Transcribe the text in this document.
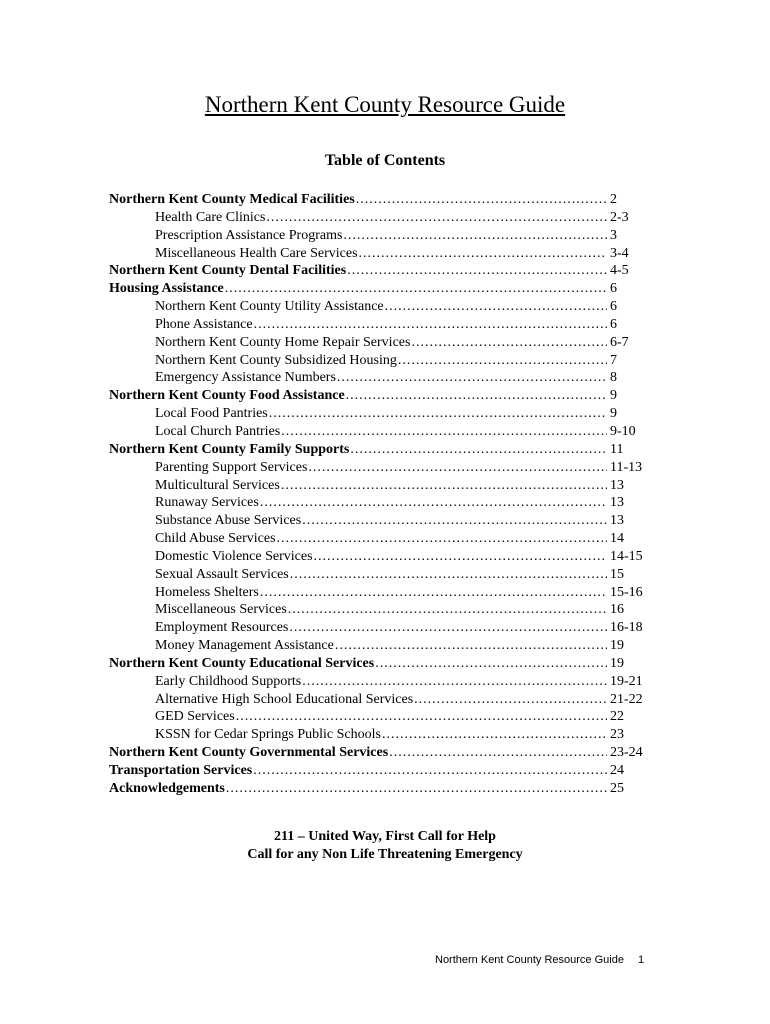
Northern Kent County Resource Guide
Table of Contents
Northern Kent County Medical Facilities .....	2
Health Care Clinics .....	2-3
Prescription Assistance Programs .....	3
Miscellaneous Health Care Services .....	3-4
Northern Kent County Dental Facilities .....	4-5
Housing Assistance .....	6
Northern Kent County Utility Assistance .....	6
Phone Assistance .....	6
Northern Kent County Home Repair Services .....	6-7
Northern Kent County Subsidized Housing .....	7
Emergency Assistance Numbers .....	8
Northern Kent County Food Assistance .....	9
Local Food Pantries .....	9
Local Church Pantries .....	9-10
Northern Kent County Family Supports .....	11
Parenting Support Services .....	11-13
Multicultural Services .....	13
Runaway Services .....	13
Substance Abuse Services .....	13
Child Abuse Services .....	14
Domestic Violence Services .....	14-15
Sexual Assault Services .....	15
Homeless Shelters .....	15-16
Miscellaneous Services .....	16
Employment Resources .....	16-18
Money Management Assistance .....	19
Northern Kent County Educational Services .....	19
Early Childhood Supports .....	19-21
Alternative High School Educational Services .....	21-22
GED Services .....	22
KSSN for Cedar Springs Public Schools .....	23
Northern Kent County Governmental Services .....	23-24
Transportation Services .....	24
Acknowledgements .....	25
211 – United Way, First Call for Help
Call for any Non Life Threatening Emergency
Northern Kent County Resource Guide 1
